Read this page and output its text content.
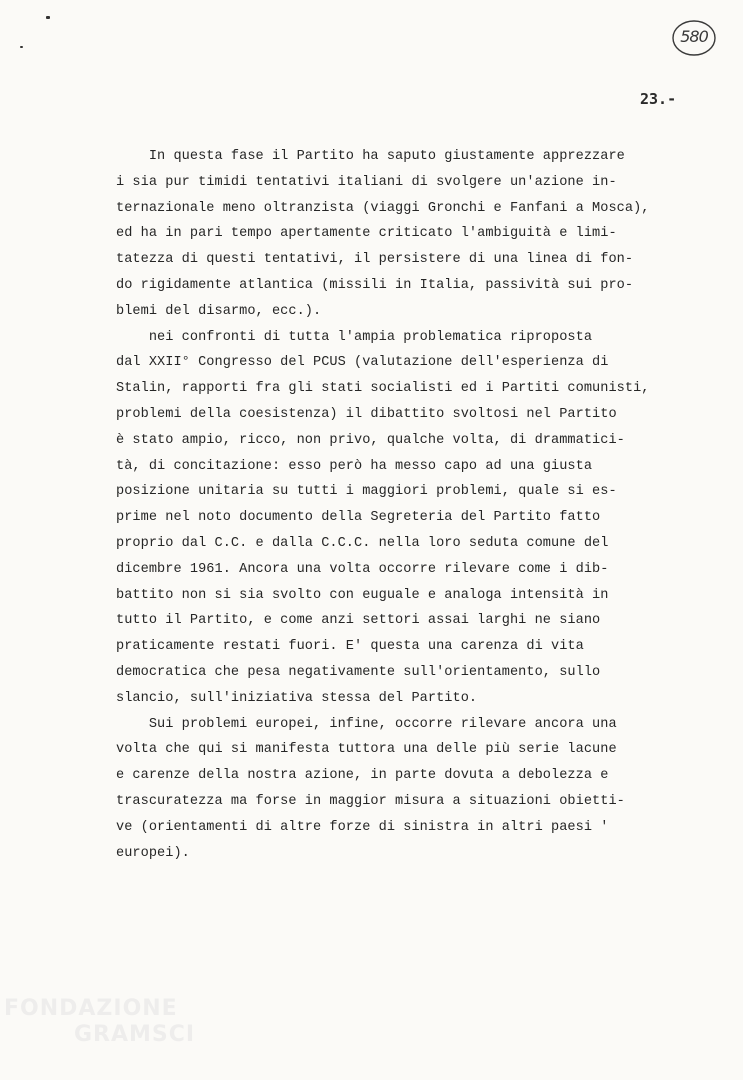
580
23.-
In questa fase il Partito ha saputo giustamente apprezzare
i sia pur timidi tentativi italiani di svolgere un'azione in-
ternazionale meno oltranzista (viaggi Gronchi e Fanfani a Mosca),
ed ha in pari tempo apertamente criticato l'ambiguità e limi-
tatezza di questi tentativi, il persistere di una linea di fon-
do rigidamente atlantica (missili in Italia, passività sui pro-
blemi del disarmo, ecc.).
nei confronti di tutta l'ampia problematica riproposta
dal XXII° Congresso del PCUS (valutazione dell'esperienza di
Stalin, rapporti fra gli stati socialisti ed i Partiti comunisti,
problemi della coesistenza) il dibattito svoltosi nel Partito
è stato ampio, ricco, non privo, qualche volta, di drammatici-
tà, di concitazione: esso però ha messo capo ad una giusta
posizione unitaria su tutti i maggiori problemi, quale si es-
prime nel noto documento della Segreteria del Partito fatto
proprio dal C.C. e dalla C.C.C. nella loro seduta comune del
dicembre 1961. Ancora una volta occorre rilevare come i dib-
battito non si sia svolto con euguale e analoga intensità in
tutto il Partito, e come anzi settori assai larghi ne siano
praticamente restati fuori. E' questa una carenza di vita
democratica che pesa negativamente sull'orientamento, sullo
slancio, sull'iniziativa stessa del Partito.
Sui problemi europei, infine, occorre rilevare ancora una
volta che qui si manifesta tuttora una delle più serie lacune
e carenze della nostra azione, in parte dovuta a debolezza e
trascuratezza ma forse in maggior misura a situazioni obietti-
ve (orientamenti di altre forze di sinistra in altri paesi '
europei).
FONDAZIONE
GRAMSCI
